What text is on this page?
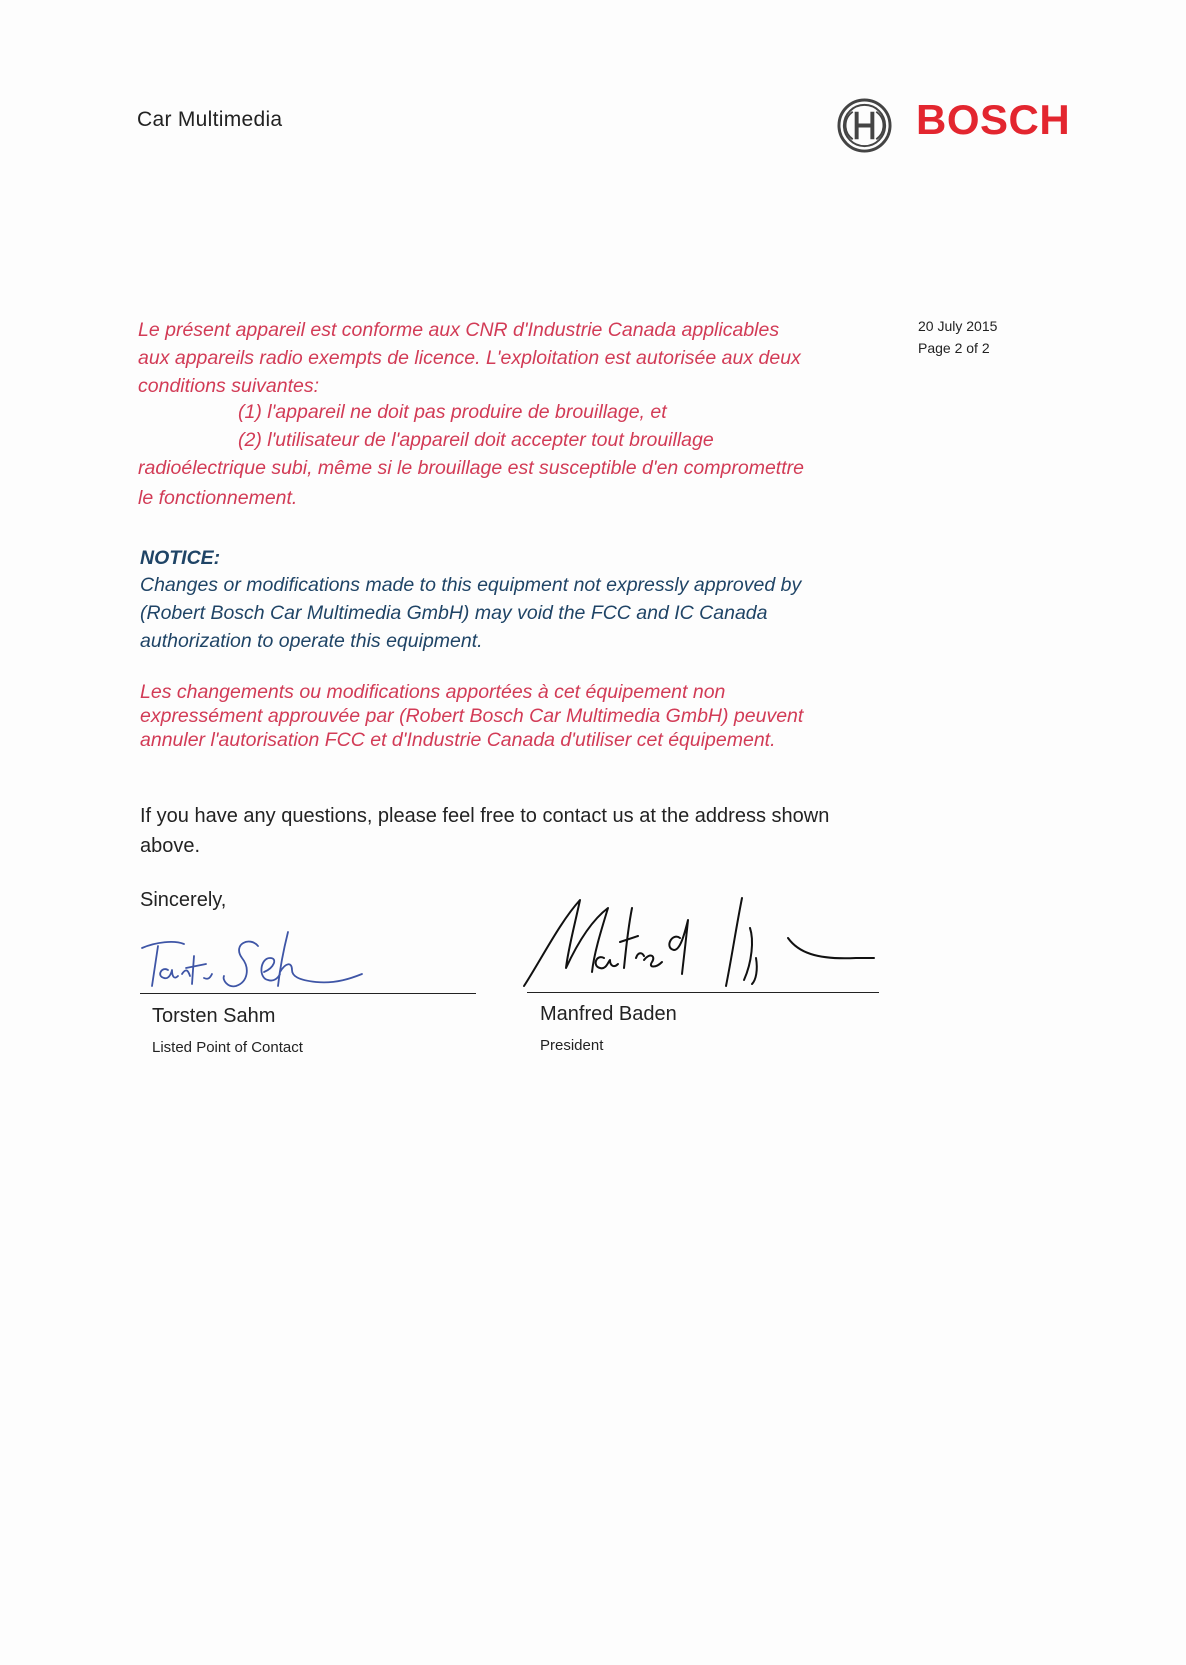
Car Multimedia	BOSCH
20 July 2015
Page 2 of 2
Le présent appareil est conforme aux CNR d'Industrie Canada applicables
aux appareils radio exempts de licence. L'exploitation est autorisée aux deux
conditions suivantes:
(1) l'appareil ne doit pas produire de brouillage, et
(2) l'utilisateur de l'appareil doit accepter tout brouillage
radioélectrique subi, même si le brouillage est susceptible d'en compromettre
le fonctionnement.
NOTICE:
Changes or modifications made to this equipment not expressly approved by
(Robert Bosch Car Multimedia GmbH) may void the FCC and IC Canada
authorization to operate this equipment.
Les changements ou modifications apportées à cet équipement non
expressément approuvée par (Robert Bosch Car Multimedia GmbH) peuvent
annuler l'autorisation FCC et d'Industrie Canada d'utiliser cet équipement.
If you have any questions, please feel free to contact us at the address shown
above.
Sincerely,
Torsten Sahm
Listed Point of Contact
Manfred Baden
President
